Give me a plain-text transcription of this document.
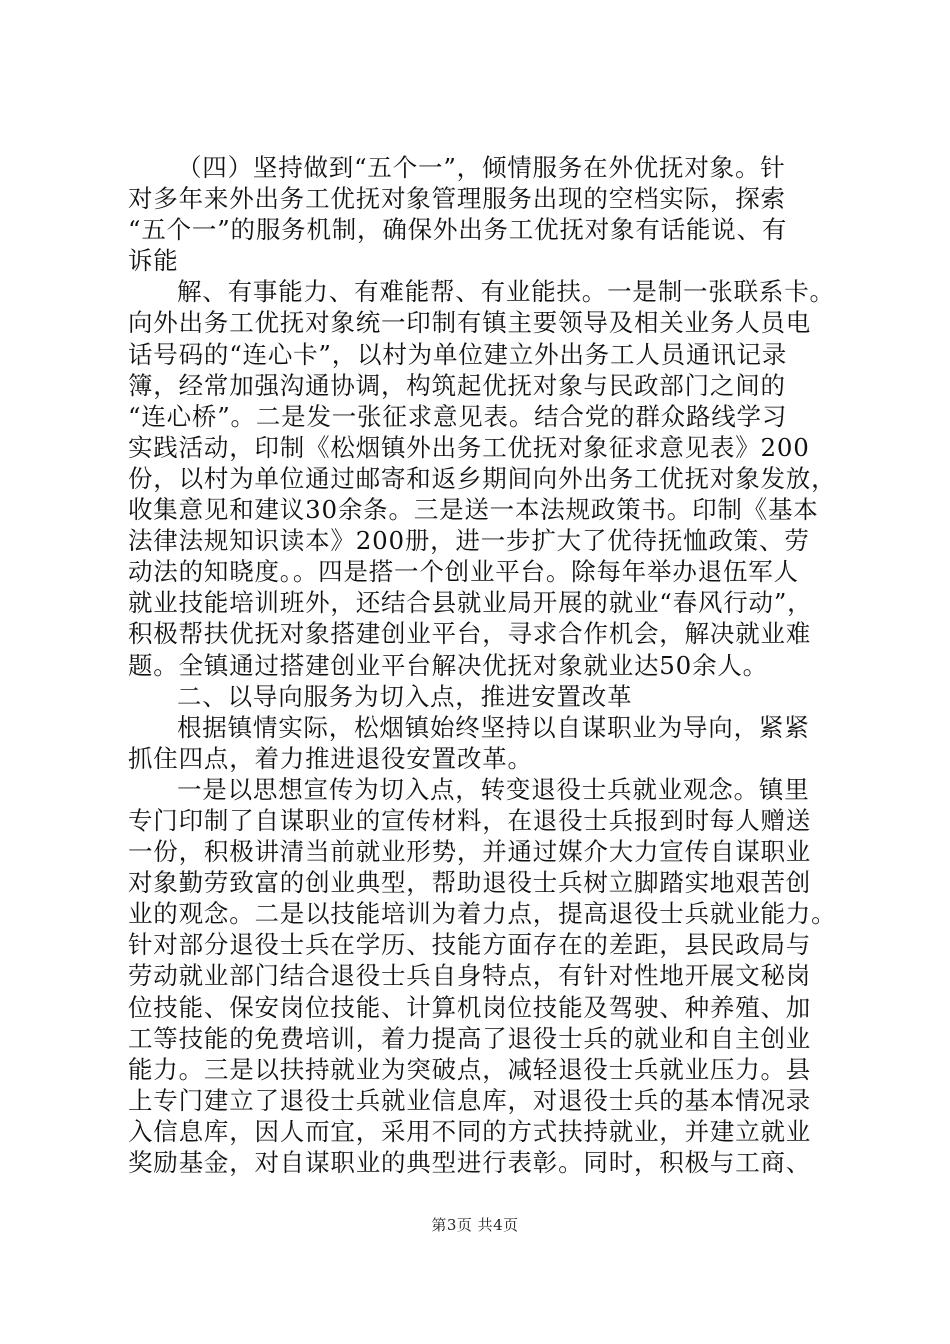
（四）坚持做到“五个一”，倾情服务在外优抚对象。针
对多年来外出务工优抚对象管理服务出现的空档实际，探索
“五个一”的服务机制，确保外出务工优抚对象有话能说、有
诉能
解、有事能力、有难能帮、有业能扶。一是制一张联系卡。
向外出务工优抚对象统一印制有镇主要领导及相关业务人员电
话号码的“连心卡”，以村为单位建立外出务工人员通讯记录
簿，经常加强沟通协调，构筑起优抚对象与民政部门之间的
“连心桥”。二是发一张征求意见表。结合党的群众路线学习
实践活动，印制《松烟镇外出务工优抚对象征求意见表》200
份，以村为单位通过邮寄和返乡期间向外出务工优抚对象发放，
收集意见和建议30余条。三是送一本法规政策书。印制《基本
法律法规知识读本》200册，进一步扩大了优待抚恤政策、劳
动法的知晓度。。四是搭一个创业平台。除每年举办退伍军人
就业技能培训班外，还结合县就业局开展的就业“春风行动”，
积极帮扶优抚对象搭建创业平台，寻求合作机会，解决就业难
题。全镇通过搭建创业平台解决优抚对象就业达50余人。
二、以导向服务为切入点，推进安置改革
根据镇情实际，松烟镇始终坚持以自谋职业为导向，紧紧
抓住四点，着力推进退役安置改革。
一是以思想宣传为切入点，转变退役士兵就业观念。镇里
专门印制了自谋职业的宣传材料，在退役士兵报到时每人赠送
一份，积极讲清当前就业形势，并通过媒介大力宣传自谋职业
对象勤劳致富的创业典型，帮助退役士兵树立脚踏实地艰苦创
业的观念。二是以技能培训为着力点，提高退役士兵就业能力。
针对部分退役士兵在学历、技能方面存在的差距，县民政局与
劳动就业部门结合退役士兵自身特点，有针对性地开展文秘岗
位技能、保安岗位技能、计算机岗位技能及驾驶、种养殖、加
工等技能的免费培训，着力提高了退役士兵的就业和自主创业
能力。三是以扶持就业为突破点，减轻退役士兵就业压力。县
上专门建立了退役士兵就业信息库，对退役士兵的基本情况录
入信息库，因人而宜，采用不同的方式扶持就业，并建立就业
奖励基金，对自谋职业的典型进行表彰。同时，积极与工商、
第3页 共4页
